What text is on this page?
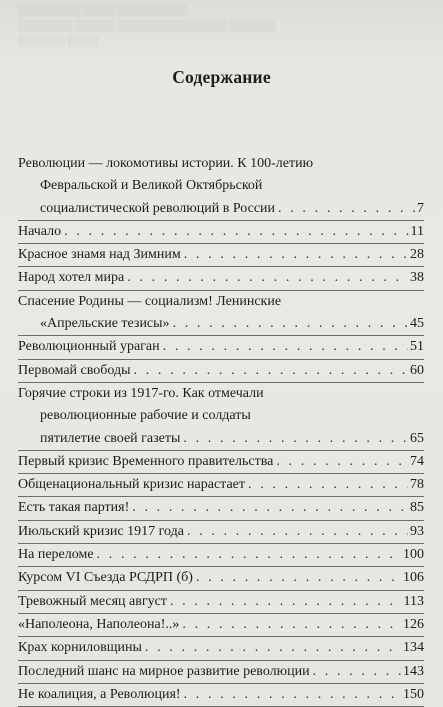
▒▒▒▒▒▒▒▒ ▒▒▒▒ ▒▒▒▒▒▒▒▒▒
▒▒▒▒▒▒▒ ▒▒▒▒▒ ▒▒▒▒▒▒▒▒▒▒▒▒▒▒ ▒▒▒▒▒▒
▒▒▒▒▒▒ ▒▒▒▒
Содержание
Революции — локомотивы истории. К 100-летию
Февральской и Великой Октябрьской
социалистической революций в России . . .	7
Начало . . .	11
Красное знамя над Зимним . . .	28
Народ хотел мира . . .	38
Спасение Родины — социализм! Ленинские
«Апрельские тезисы» . . .	45
Революционный ураган . . .	51
Первомай свободы . . .	60
Горячие строки из 1917-го. Как отмечали
революционные рабочие и солдаты
пятилетие своей газеты . . .	65
Первый кризис Временного правительства . . .	74
Общенациональный кризис нарастает . . .	78
Есть такая партия! . . .	85
Июльский кризис 1917 года . . .	93
На переломе . . .	100
Курсом VI Съезда РСДРП (б) . . .	106
Тревожный месяц август . . .	113
«Наполеона, Наполеона!..» . . .	126
Крах корниловщины . . .	134
Последний шанс на мирное развитие революции . . .	143
Не коалиция, а Революция! . . .	150
